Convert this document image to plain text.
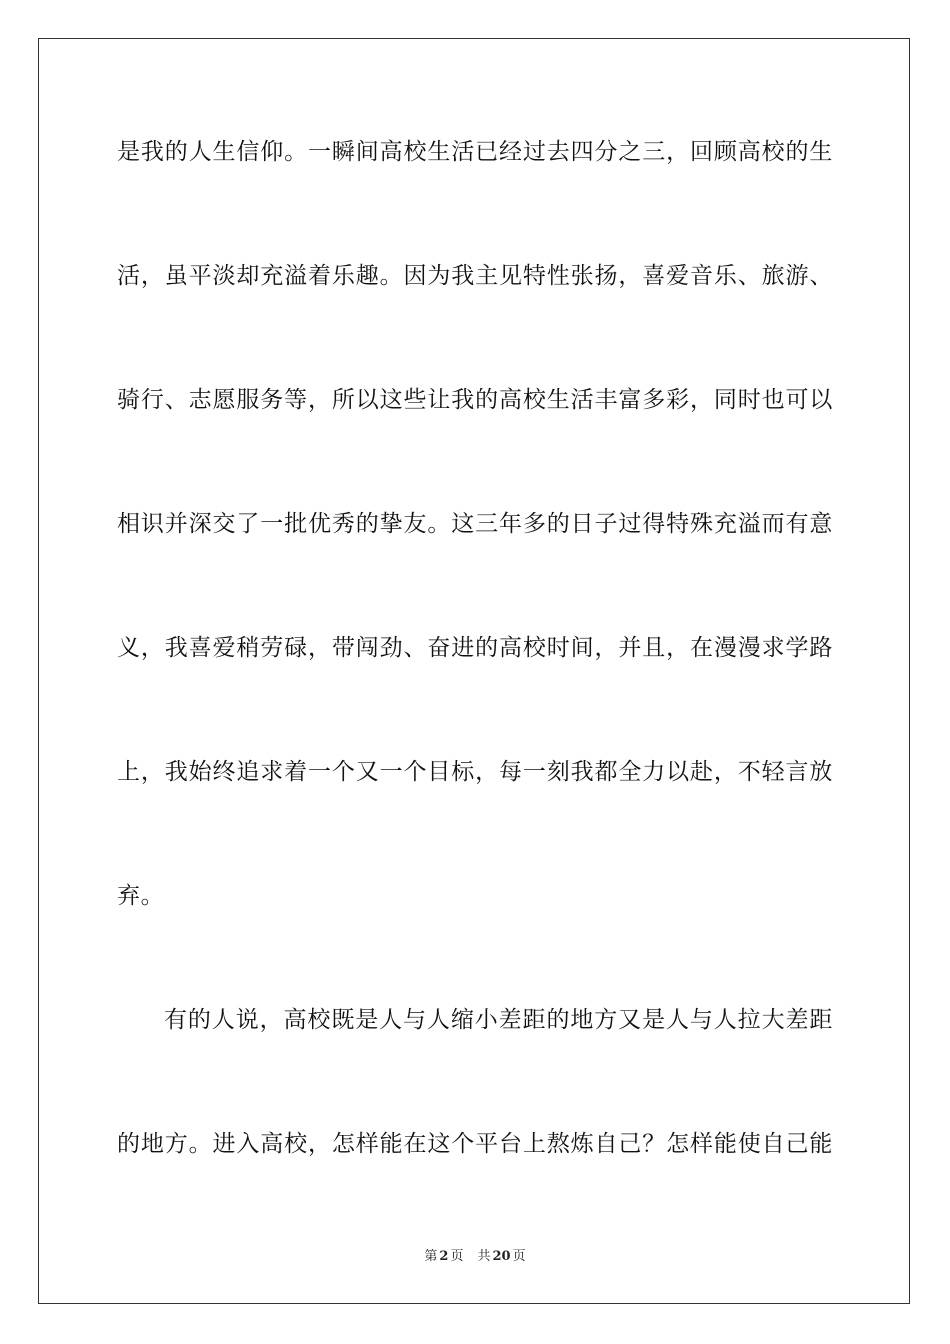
是我的人生信仰。一瞬间高校生活已经过去四分之三，回顾高校的生
活，虽平淡却充溢着乐趣。因为我主见特性张扬，喜爱音乐、旅游、
骑行、志愿服务等，所以这些让我的高校生活丰富多彩，同时也可以
相识并深交了一批优秀的挚友。这三年多的日子过得特殊充溢而有意
义，我喜爱稍劳碌，带闯劲、奋进的高校时间，并且，在漫漫求学路
上，我始终追求着一个又一个目标，每一刻我都全力以赴，不轻言放
弃。
有的人说，高校既是人与人缩小差距的地方又是人与人拉大差距
的地方。进入高校，怎样能在这个平台上熬炼自己？怎样能使自己能
第 2 页 共 20 页
